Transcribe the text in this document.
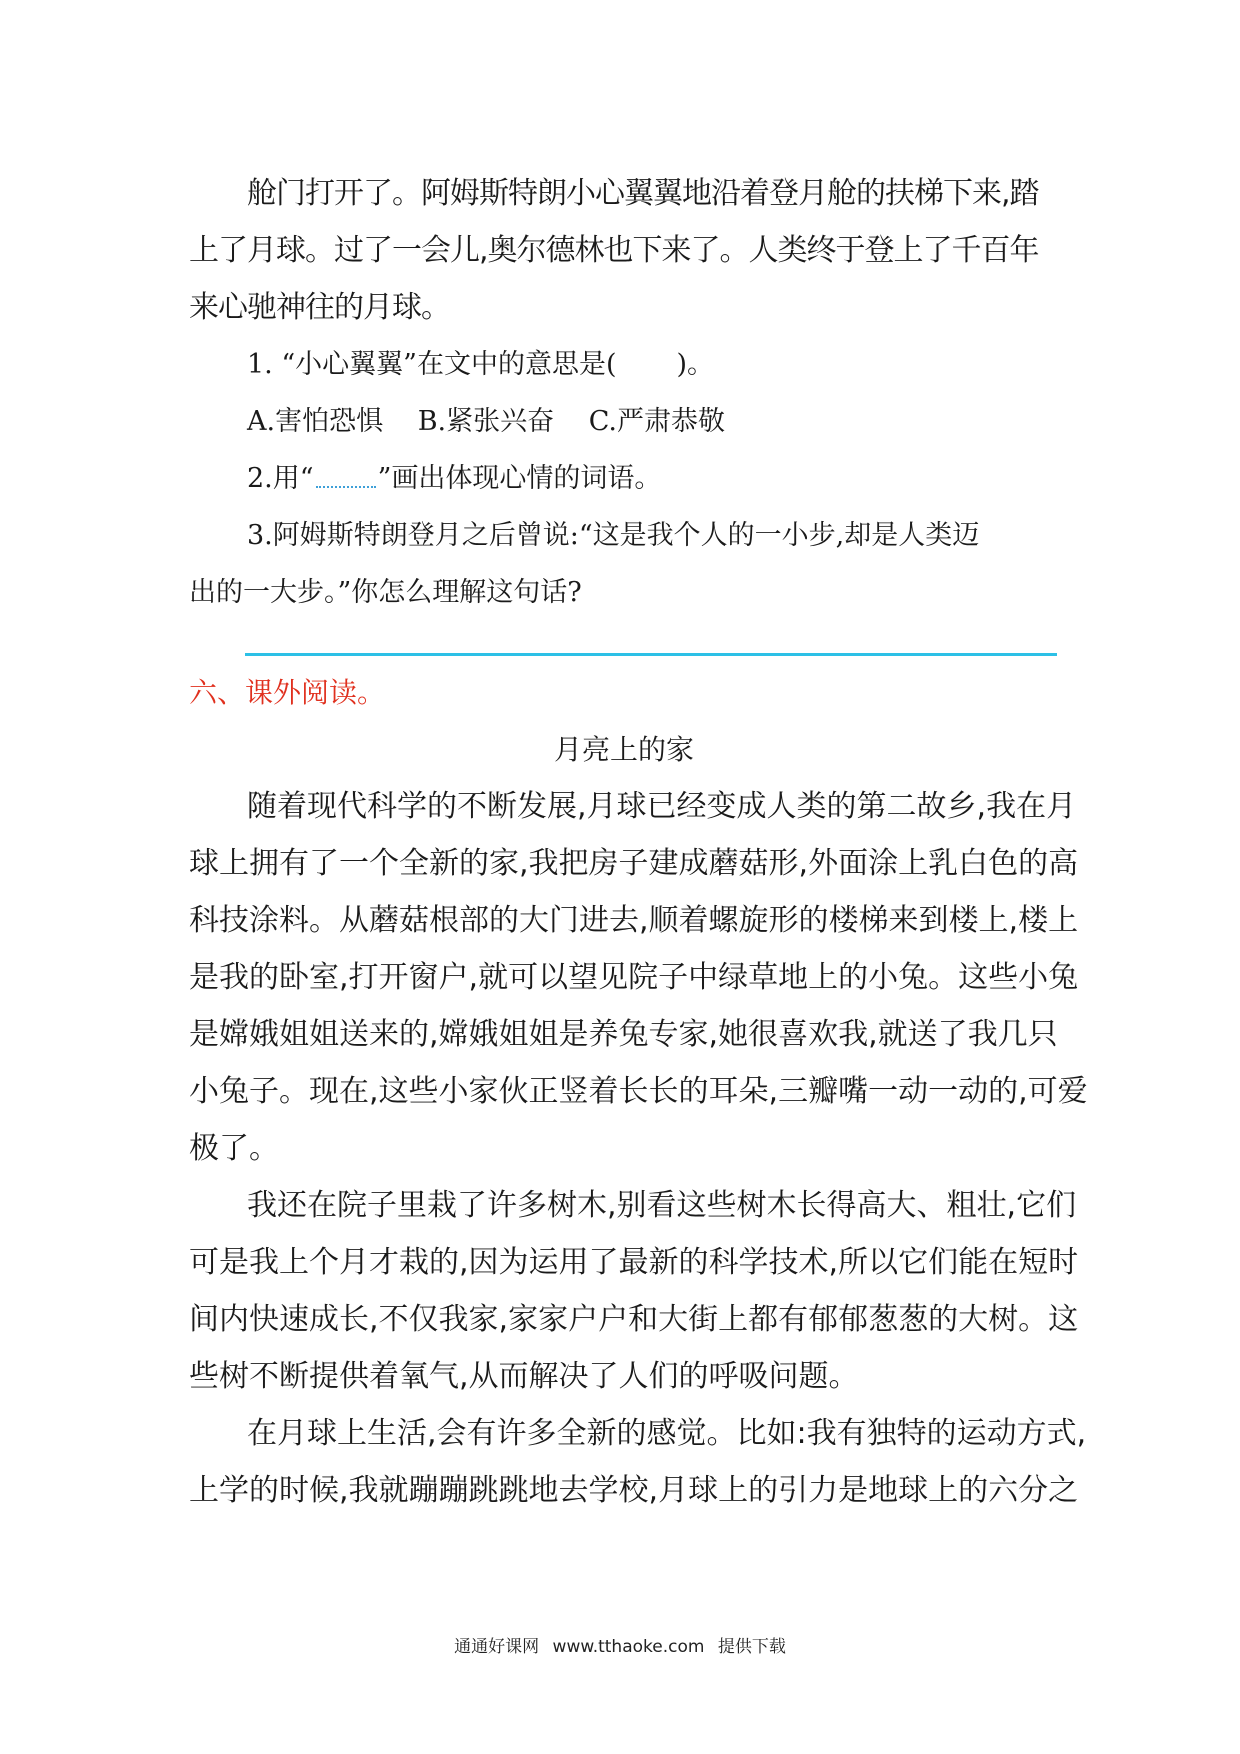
舱门打开了。阿姆斯特朗小心翼翼地沿着登月舱的扶梯下来,踏
上了月球。过了一会儿,奥尔德林也下来了。人类终于登上了千百年
来心驰神往的月球。
1. “小心翼翼”在文中的意思是( )。
A.害怕恐惧 B.紧张兴奋 C.严肃恭敬
2.用“ ”画出体现心情的词语。
3.阿姆斯特朗登月之后曾说:“这是我个人的一小步,却是人类迈
出的一大步。”你怎么理解这句话?
六、课外阅读。
月亮上的家
随着现代科学的不断发展,月球已经变成人类的第二故乡,我在月
球上拥有了一个全新的家,我把房子建成蘑菇形,外面涂上乳白色的高
科技涂料。从蘑菇根部的大门进去,顺着螺旋形的楼梯来到楼上,楼上
是我的卧室,打开窗户,就可以望见院子中绿草地上的小兔。这些小兔
是嫦娥姐姐送来的,嫦娥姐姐是养兔专家,她很喜欢我,就送了我几只
小兔子。现在,这些小家伙正竖着长长的耳朵,三瓣嘴一动一动的,可爱
极了。
我还在院子里栽了许多树木,别看这些树木长得高大、粗壮,它们
可是我上个月才栽的,因为运用了最新的科学技术,所以它们能在短时
间内快速成长,不仅我家,家家户户和大街上都有郁郁葱葱的大树。这
些树不断提供着氧气,从而解决了人们的呼吸问题。
在月球上生活,会有许多全新的感觉。比如:我有独特的运动方式,
上学的时候,我就蹦蹦跳跳地去学校,月球上的引力是地球上的六分之
通通好课网 www.tthaoke.com 提供下载
